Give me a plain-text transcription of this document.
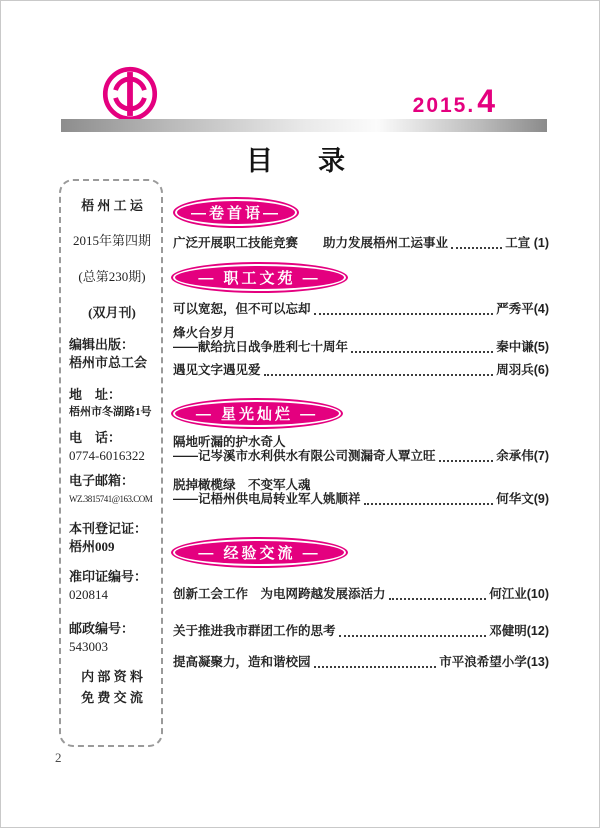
2015. 4
目　录
梧 州 工 运
2015年第四期
(总第230期)
(双月刊)
编辑出版：
梧州市总工会
地　址：
梧州市冬湖路1号
电　话：
0774-6016322
电子邮箱：
WZ.3815741@163.COM
本刊登记证：
梧州009
准印证编号：
020814
邮政编号：
543003
内 部 资 料
免 费 交 流
—卷首语—
广泛开展职工技能竞赛　　助力发展梧州工运事业	工宣 (1)
— 职工文苑 —
可以宽恕，但不可以忘却	严秀平(4)
烽火台岁月
——献给抗日战争胜利七十周年	秦中谦(5)
遇见文字遇见爱	周羽兵(6)
— 星光灿烂 —
隔地听漏的护水奇人
——记岑溪市水利供水有限公司测漏奇人覃立旺	余承伟(7)
脱掉橄榄绿　不变军人魂
——记梧州供电局转业军人姚顺祥	何华文(9)
— 经验交流 —
创新工会工作　为电网跨越发展添活力	何江业(10)
关于推进我市群团工作的思考	邓健明(12)
提高凝聚力，造和谐校园	市平浪希望小学(13)
2
